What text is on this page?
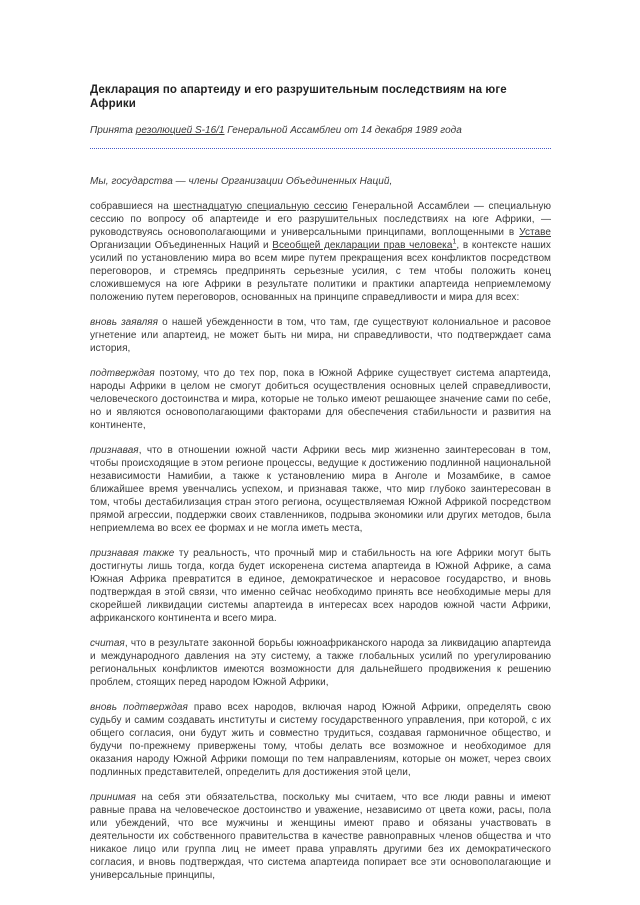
Декларация по апартеиду и его разрушительным последствиям на юге Африки

Принята резолюцией S-16/1 Генеральной Ассамблеи от 14 декабря 1989 года

Мы, государства — члены Организации Объединенных Наций,

собравшиеся на шестнадцатую специальную сессию Генеральной Ассамблеи — специальную сессию по вопросу об апартеиде и его разрушительных последствиях на юге Африки, — руководствуясь основополагающими и универсальными принципами, воплощенными в Уставе Организации Объединенных Наций и Всеобщей декларации прав человека$^1$, в контексте наших усилий по установлению мира во всем мире путем прекращения всех конфликтов посредством переговоров, и стремясь предпринять серьезные усилия, с тем чтобы положить конец сложившемуся на юге Африки в результате политики и практики апартеида неприемлемому положению путем переговоров, основанных на принципе справедливости и мира для всех:

вновь заявляя о нашей убежденности в том, что там, где существуют колониальное и расовое угнетение или апартеид, не может быть ни мира, ни справедливости, что подтверждает сама история,

подтверждая поэтому, что до тех пор, пока в Южной Африке существует система апартеида, народы Африки в целом не смогут добиться осуществления основных целей справедливости, человеческого достоинства и мира, которые не только имеют решающее значение сами по себе, но и являются основополагающими факторами для обеспечения стабильности и развития на континенте,

признавая, что в отношении южной части Африки весь мир жизненно заинтересован в том, чтобы происходящие в этом регионе процессы, ведущие к достижению подлинной национальной независимости Намибии, а также к установлению мира в Анголе и Мозамбике, в самое ближайшее время увенчались успехом, и признавая также, что мир глубоко заинтересован в том, чтобы дестабилизация стран этого региона, осуществляемая Южной Африкой посредством прямой агрессии, поддержки своих ставленников, подрыва экономики или других методов, была неприемлема во всех ее формах и не могла иметь места,

признавая также ту реальность, что прочный мир и стабильность на юге Африки могут быть достигнуты лишь тогда, когда будет искоренена система апартеида в Южной Африке, а сама Южная Африка превратится в единое, демократическое и нерасовое государство, и вновь подтверждая в этой связи, что именно сейчас необходимо принять все необходимые меры для скорейшей ликвидации системы апартеида в интересах всех народов южной части Африки, африканского континента и всего мира.

считая, что в результате законной борьбы южноафриканского народа за ликвидацию апартеида и международного давления на эту систему, а также глобальных усилий по урегулированию региональных конфликтов имеются возможности для дальнейшего продвижения к решению проблем, стоящих перед народом Южной Африки,

вновь подтверждая право всех народов, включая народ Южной Африки, определять свою судьбу и самим создавать институты и систему государственного управления, при которой, с их общего согласия, они будут жить и совместно трудиться, создавая гармоничное общество, и будучи по-прежнему привержены тому, чтобы делать все возможное и необходимое для оказания народу Южной Африки помощи по тем направлениям, которые он может, через своих подлинных представителей, определить для достижения этой цели,

принимая на себя эти обязательства, поскольку мы считаем, что все люди равны и имеют равные права на человеческое достоинство и уважение, независимо от цвета кожи, расы, пола или убеждений, что все мужчины и женщины имеют право и обязаны участвовать в деятельности их собственного правительства в качестве равноправных членов общества и что никакое лицо или группа лиц не имеет права управлять другими без их демократического согласия, и вновь подтверждая, что система апартеида попирает все эти основополагающие и универсальные принципы,
